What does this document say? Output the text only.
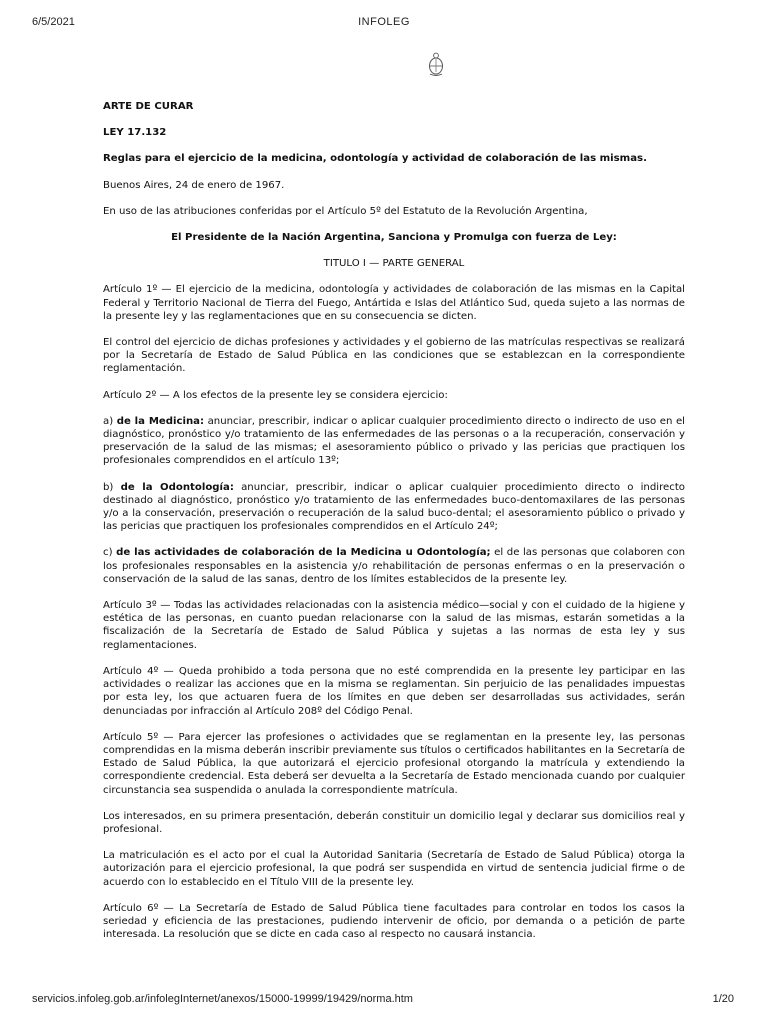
6/5/2021	INFOLEG

ARTE DE CURAR

LEY 17.132

Reglas para el ejercicio de la medicina, odontología y actividad de colaboración de las mismas.

Buenos Aires, 24 de enero de 1967.

En uso de las atribuciones conferidas por el Artículo 5º del Estatuto de la Revolución Argentina,

El Presidente de la Nación Argentina, Sanciona y Promulga con fuerza de Ley:

TITULO I — PARTE GENERAL

Artículo 1º — El ejercicio de la medicina, odontología y actividades de colaboración de las mismas en la Capital Federal y Territorio Nacional de Tierra del Fuego, Antártida e Islas del Atlántico Sud, queda sujeto a las normas de la presente ley y las reglamentaciones que en su consecuencia se dicten.

El control del ejercicio de dichas profesiones y actividades y el gobierno de las matrículas respectivas se realizará por la Secretaría de Estado de Salud Pública en las condiciones que se establezcan en la correspondiente reglamentación.

Artículo 2º — A los efectos de la presente ley se considera ejercicio:

a) de la Medicina: anunciar, prescribir, indicar o aplicar cualquier procedimiento directo o indirecto de uso en el diagnóstico, pronóstico y/o tratamiento de las enfermedades de las personas o a la recuperación, conservación y preservación de la salud de las mismas; el asesoramiento público o privado y las pericias que practiquen los profesionales comprendidos en el artículo 13º;

b) de la Odontología: anunciar, prescribir, indicar o aplicar cualquier procedimiento directo o indirecto destinado al diagnóstico, pronóstico y/o tratamiento de las enfermedades buco-dentomaxilares de las personas y/o a la conservación, preservación o recuperación de la salud buco-dental; el asesoramiento público o privado y las pericias que practiquen los profesionales comprendidos en el Artículo 24º;

c) de las actividades de colaboración de la Medicina u Odontología; el de las personas que colaboren con los profesionales responsables en la asistencia y/o rehabilitación de personas enfermas o en la preservación o conservación de la salud de las sanas, dentro de los límites establecidos de la presente ley.

Artículo 3º — Todas las actividades relacionadas con la asistencia médico—social y con el cuidado de la higiene y estética de las personas, en cuanto puedan relacionarse con la salud de las mismas, estarán sometidas a la fiscalización de la Secretaría de Estado de Salud Pública y sujetas a las normas de esta ley y sus reglamentaciones.

Artículo 4º — Queda prohibido a toda persona que no esté comprendida en la presente ley participar en las actividades o realizar las acciones que en la misma se reglamentan. Sin perjuicio de las penalidades impuestas por esta ley, los que actuaren fuera de los límites en que deben ser desarrolladas sus actividades, serán denunciadas por infracción al Artículo 208º del Código Penal.

Artículo 5º — Para ejercer las profesiones o actividades que se reglamentan en la presente ley, las personas comprendidas en la misma deberán inscribir previamente sus títulos o certificados habilitantes en la Secretaría de Estado de Salud Pública, la que autorizará el ejercicio profesional otorgando la matrícula y extendiendo la correspondiente credencial. Esta deberá ser devuelta a la Secretaría de Estado mencionada cuando por cualquier circunstancia sea suspendida o anulada la correspondiente matrícula.

Los interesados, en su primera presentación, deberán constituir un domicilio legal y declarar sus domicilios real y profesional.

La matriculación es el acto por el cual la Autoridad Sanitaria (Secretaría de Estado de Salud Pública) otorga la autorización para el ejercicio profesional, la que podrá ser suspendida en virtud de sentencia judicial firme o de acuerdo con lo establecido en el Título VIII de la presente ley.

Artículo 6º — La Secretaría de Estado de Salud Pública tiene facultades para controlar en todos los casos la seriedad y eficiencia de las prestaciones, pudiendo intervenir de oficio, por demanda o a petición de parte interesada. La resolución que se dicte en cada caso al respecto no causará instancia.

servicios.infoleg.gob.ar/infolegInternet/anexos/15000-19999/19429/norma.htm	1/20
